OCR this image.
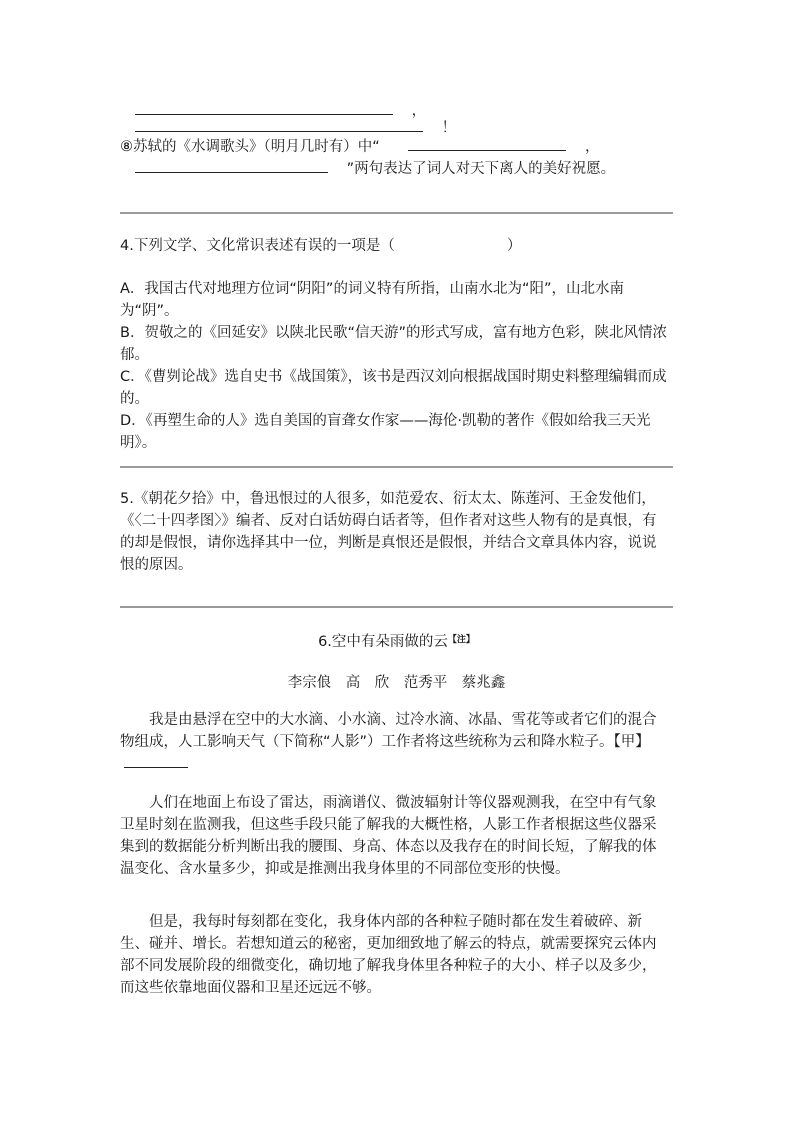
，
！
⑧苏轼的《水调歌头》（明月几时有）中“	，
”两句表达了词人对天下离人的美好祝愿。
4.下列文学、文化常识表述有误的一项是（	）

A．我国古代对地理方位词“阴阳”的词义特有所指，山南水北为“阳”，山北水南为“阴”。

B．贺敬之的《回延安》以陕北民歌“信天游”的形式写成，富有地方色彩，陕北风情浓郁。

C．《曹刿论战》选自史书《战国策》，该书是西汉刘向根据战国时期史料整理编辑而成的。

D．《再塑生命的人》选自美国的盲聋女作家——海伦·凯勒的著作《假如给我三天光明》。

5.《朝花夕拾》中，鲁迅恨过的人很多，如范爱农、衍太太、陈莲河、王金发他们，《〈二十四孝图〉》编者、反对白话妨碍白话者等，但作者对这些人物有的是真恨，有的却是假恨，请你选择其中一位，判断是真恨还是假恨，并结合文章具体内容，说说恨的原因。

6.空中有朵雨做的云$^{【注】}$
李宗俍　高　欣　范秀平　蔡兆鑫

我是由悬浮在空中的大水滴、小水滴、过冷水滴、冰晶、雪花等或者它们的混合物组成，人工影响天气（下简称“人影”）工作者将这些统称为云和降水粒子。【甲】

人们在地面上布设了雷达，雨滴谱仪、微波辐射计等仪器观测我，在空中有气象卫星时刻在监测我，但这些手段只能了解我的大概性格，人影工作者根据这些仪器采集到的数据能分析判断出我的腰围、身高、体态以及我存在的时间长短，了解我的体温变化、含水量多少，抑或是推测出我身体里的不同部位变形的快慢。

但是，我每时每刻都在变化，我身体内部的各种粒子随时都在发生着破碎、新生、碰并、增长。若想知道云的秘密，更加细致地了解云的特点，就需要探究云体内部不同发展阶段的细微变化，确切地了解我身体里各种粒子的大小、样子以及多少，而这些依靠地面仪器和卫星还远远不够。
